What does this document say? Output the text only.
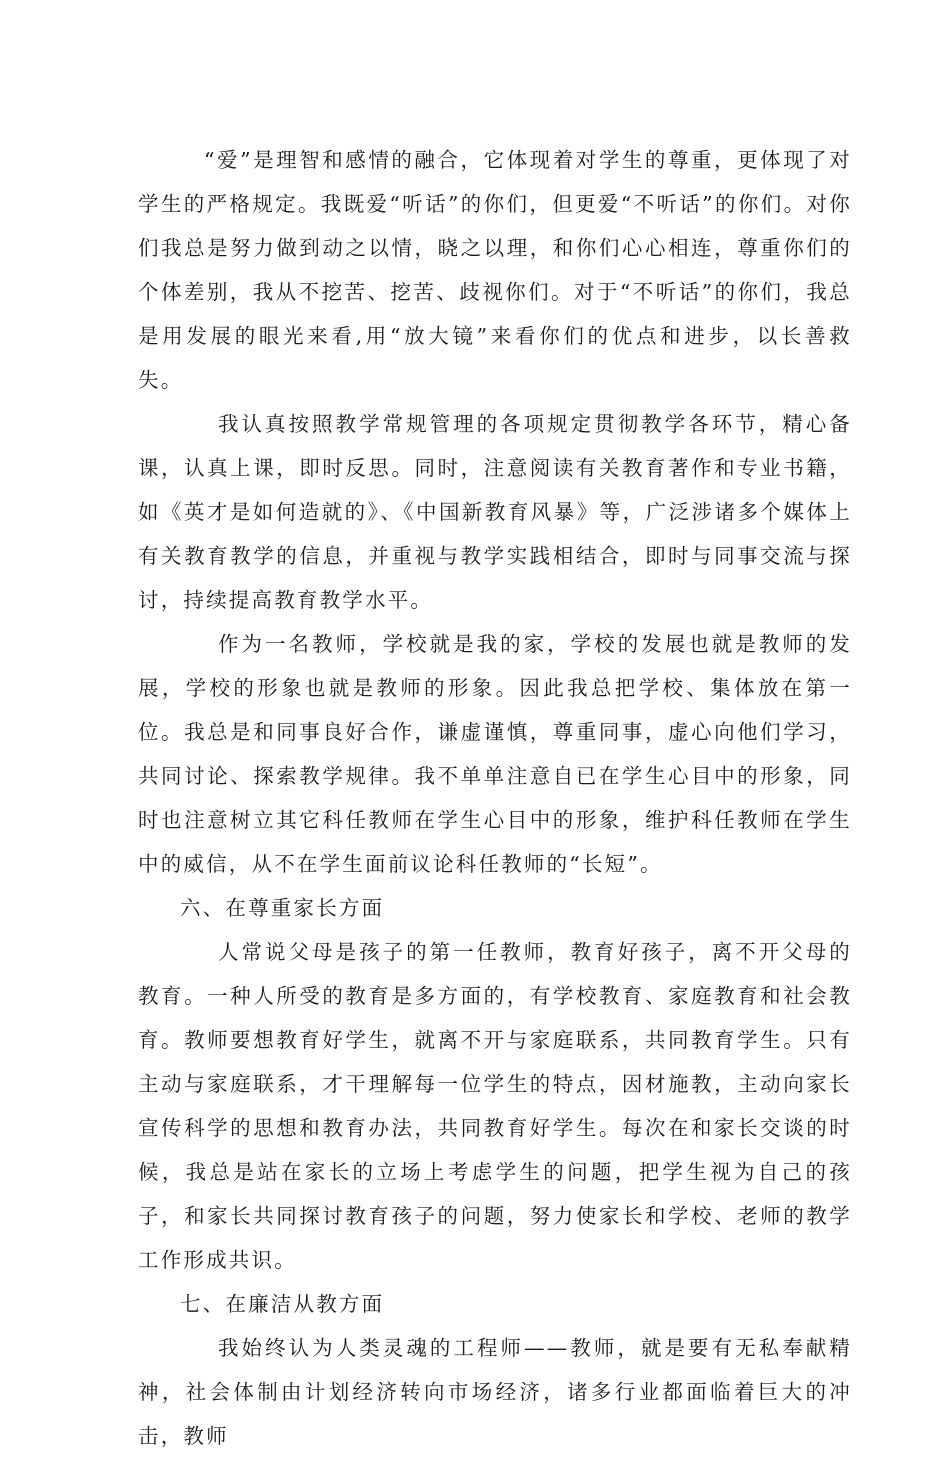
“爱”是理智和感情的融合，它体现着对学生的尊重，更体现了对学生的严格规定。我既爱“听话”的你们，但更爱“不听话”的你们。对你们我总是努力做到动之以情，晓之以理，和你们心心相连，尊重你们的个体差别，我从不挖苦、挖苦、歧视你们。对于“不听话”的你们，我总是用发展的眼光来看,用“放大镜”来看你们的优点和进步，以长善救失。

我认真按照教学常规管理的各项规定贯彻教学各环节，精心备课，认真上课，即时反思。同时，注意阅读有关教育著作和专业书籍，如《英才是如何造就的》、《中国新教育风暴》等，广泛涉诸多个媒体上有关教育教学的信息，并重视与教学实践相结合，即时与同事交流与探讨，持续提高教育教学水平。

作为一名教师，学校就是我的家，学校的发展也就是教师的发展，学校的形象也就是教师的形象。因此我总把学校、集体放在第一位。我总是和同事良好合作，谦虚谨慎，尊重同事，虚心向他们学习，共同讨论、探索教学规律。我不单单注意自已在学生心目中的形象，同时也注意树立其它科任教师在学生心目中的形象，维护科任教师在学生中的威信，从不在学生面前议论科任教师的“长短”。

六、在尊重家长方面

人常说父母是孩子的第一任教师，教育好孩子，离不开父母的教育。一种人所受的教育是多方面的，有学校教育、家庭教育和社会教育。教师要想教育好学生，就离不开与家庭联系，共同教育学生。只有主动与家庭联系，才干理解每一位学生的特点，因材施教，主动向家长宣传科学的思想和教育办法，共同教育好学生。每次在和家长交谈的时候，我总是站在家长的立场上考虑学生的问题，把学生视为自己的孩子，和家长共同探讨教育孩子的问题，努力使家长和学校、老师的教学工作形成共识。

七、在廉洁从教方面

我始终认为人类灵魂的工程师——教师，就是要有无私奉献精神，社会体制由计划经济转向市场经济，诸多行业都面临着巨大的冲击，教师
